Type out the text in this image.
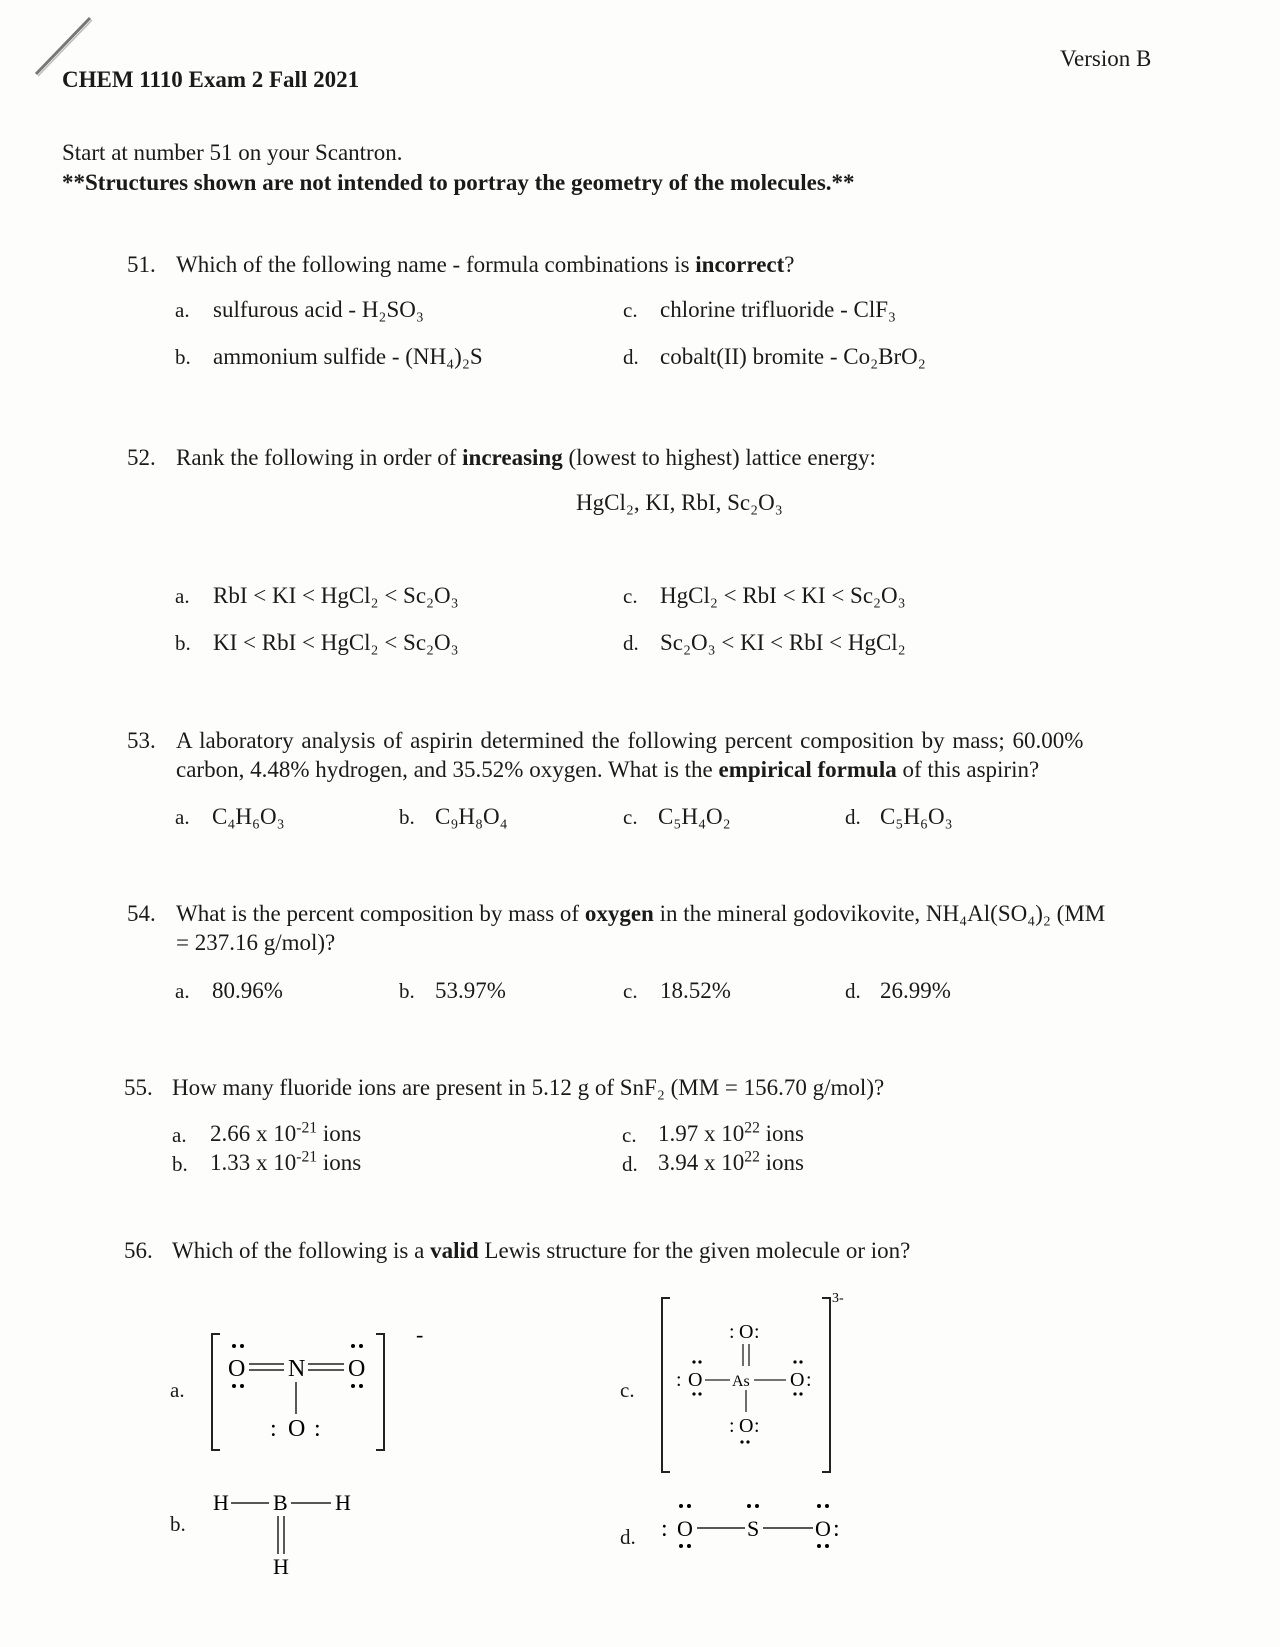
CHEM 1110 Exam 2 Fall 2021
Version B
Start at number 51 on your Scantron.
**Structures shown are not intended to portray the geometry of the molecules.**
51. Which of the following name - formula combinations is incorrect?
a. sulfurous acid - H₂SO₃
b. ammonium sulfide - (NH₄)₂S
c. chlorine trifluoride - ClF₃
d. cobalt(II) bromite - Co₂BrO₂
52. Rank the following in order of increasing (lowest to highest) lattice energy:
HgCl₂, KI, RbI, Sc₂O₃
a. RbI < KI < HgCl₂ < Sc₂O₃
b. KI < RbI < HgCl₂ < Sc₂O₃
c. HgCl₂ < RbI < KI < Sc₂O₃
d. Sc₂O₃ < KI < RbI < HgCl₂
53. A laboratory analysis of aspirin determined the following percent composition by mass; 60.00%
carbon, 4.48% hydrogen, and 35.52% oxygen. What is the empirical formula of this aspirin?
a. C₄H₆O₃	b. C₉H₈O₄	c. C₅H₄O₂	d. C₅H₆O₃
54. What is the percent composition by mass of oxygen in the mineral godovikovite, NH₄Al(SO₄)₂ (MM
= 237.16 g/mol)?
a. 80.96%	b. 53.97%	c. 18.52%	d. 26.99%
55. How many fluoride ions are present in 5.12 g of SnF₂ (MM = 156.70 g/mol)?
a. 2.66 x $10^{-21}$ ions
b. 1.33 x $10^{-21}$ ions
c. 1.97 x $10^{22}$ ions
d. 3.94 x $10^{22}$ ions
56. Which of the following is a valid Lewis structure for the given molecule or ion?
a.
b.
c.
d.
-
O N O
O
: :
H B H
H
3-
O
: :
As
O
:	O :
O
: :
: O S	O :
